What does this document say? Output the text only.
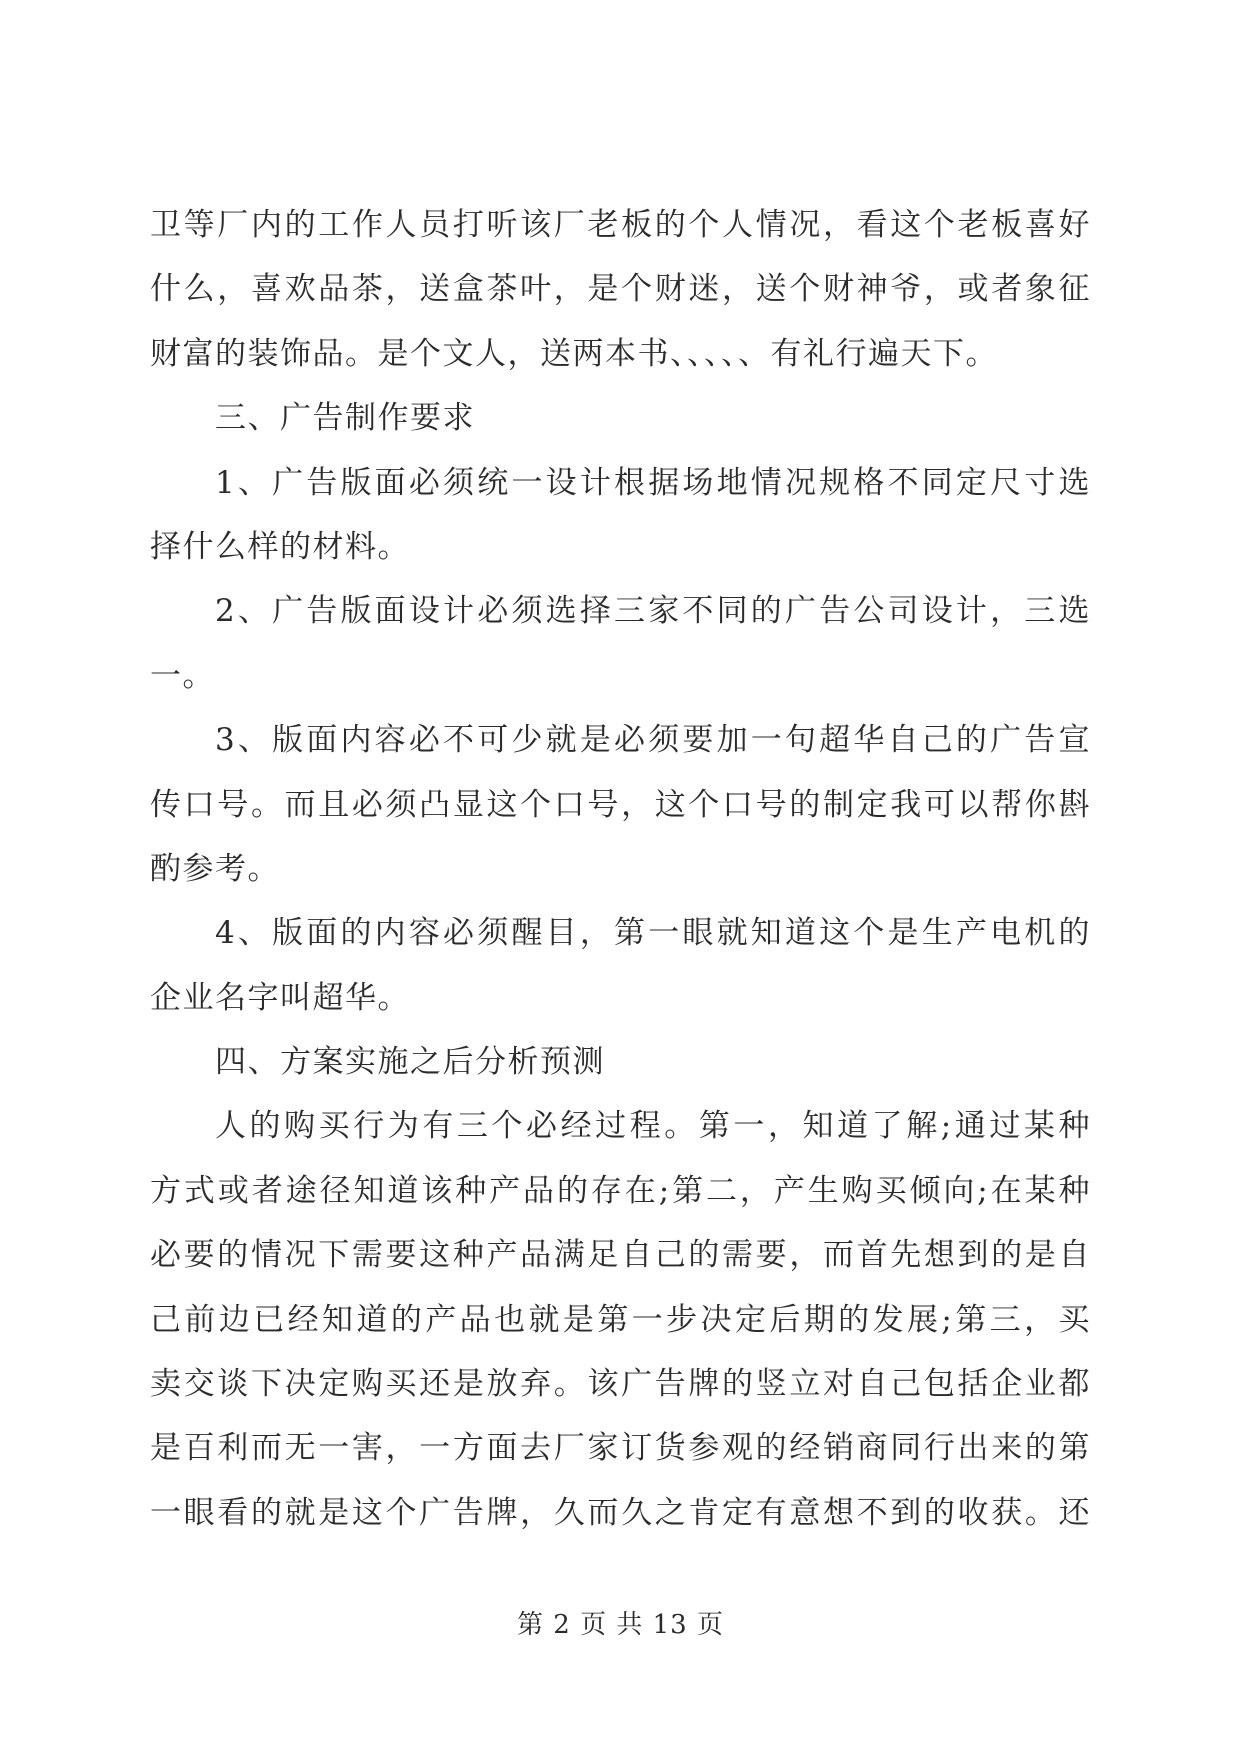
卫等厂内的工作人员打听该厂老板的个人情况，看这个老板喜好
什么，喜欢品茶，送盒茶叶，是个财迷，送个财神爷，或者象征
财富的装饰品。是个文人，送两本书、、、、、有礼行遍天下。
三、广告制作要求
1、广告版面必须统一设计根据场地情况规格不同定尺寸选
择什么样的材料。
2、广告版面设计必须选择三家不同的广告公司设计，三选
一。
3、版面内容必不可少就是必须要加一句超华自己的广告宣
传口号。而且必须凸显这个口号，这个口号的制定我可以帮你斟
酌参考。
4、版面的内容必须醒目，第一眼就知道这个是生产电机的
企业名字叫超华。
四、方案实施之后分析预测
人的购买行为有三个必经过程。第一，知道了解;通过某种
方式或者途径知道该种产品的存在;第二，产生购买倾向;在某种
必要的情况下需要这种产品满足自己的需要，而首先想到的是自
己前边已经知道的产品也就是第一步决定后期的发展;第三，买
卖交谈下决定购买还是放弃。该广告牌的竖立对自己包括企业都
是百利而无一害，一方面去厂家订货参观的经销商同行出来的第
一眼看的就是这个广告牌，久而久之肯定有意想不到的收获。还
第 2 页 共 13 页
